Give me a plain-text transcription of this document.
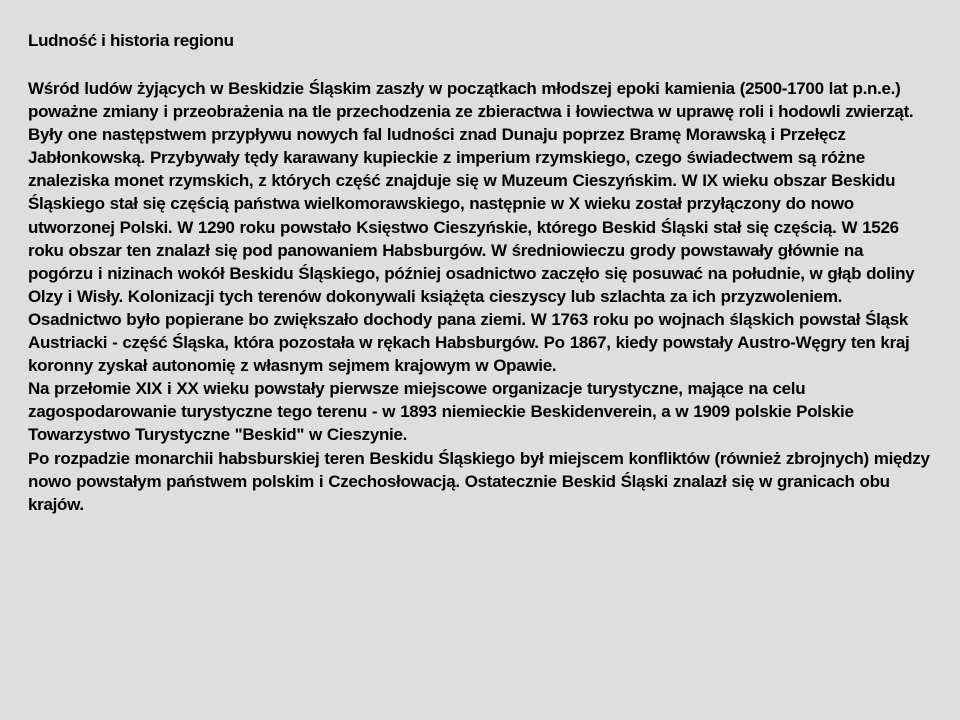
Ludność i historia regionu

Wśród ludów żyjących w Beskidzie Śląskim zaszły w początkach młodszej epoki kamienia (2500-1700 lat p.n.e.) poważne zmiany i przeobrażenia na tle przechodzenia ze zbieractwa i łowiectwa w uprawę roli i hodowli zwierząt. Były one następstwem przypływu nowych fal ludności znad Dunaju poprzez Bramę Morawską i Przełęcz Jabłonkowską. Przybywały tędy karawany kupieckie z imperium rzymskiego, czego świadectwem są różne znaleziska monet rzymskich, z których część znajduje się w Muzeum Cieszyńskim. W IX wieku obszar Beskidu Śląskiego stał się częścią państwa wielkomorawskiego, następnie w X wieku został przyłączony do nowo utworzonej Polski. W 1290 roku powstało Księstwo Cieszyńskie, którego Beskid Śląski stał się częścią. W 1526 roku obszar ten znalazł się pod panowaniem Habsburgów. W średniowieczu grody powstawały głównie na pogórzu i nizinach wokół Beskidu Śląskiego, później osadnictwo zaczęło się posuwać na południe, w głąb doliny Olzy i Wisły. Kolonizacji tych terenów dokonywali książęta cieszyscy lub szlachta za ich przyzwoleniem. Osadnictwo było popierane bo zwiększało dochody pana ziemi. W 1763 roku po wojnach śląskich powstał Śląsk Austriacki - część Śląska, która pozostała w rękach Habsburgów. Po 1867, kiedy powstały Austro-Węgry ten kraj koronny zyskał autonomię z własnym sejmem krajowym w Opawie.

Na przełomie XIX i XX wieku powstały pierwsze miejscowe organizacje turystyczne, mające na celu zagospodarowanie turystyczne tego terenu - w 1893 niemieckie Beskidenverein, a w 1909 polskie Polskie Towarzystwo Turystyczne "Beskid" w Cieszynie.

Po rozpadzie monarchii habsburskiej teren Beskidu Śląskiego był miejscem konfliktów (również zbrojnych) między nowo powstałym państwem polskim i Czechosłowacją. Ostatecznie Beskid Śląski znalazł się w granicach obu krajów.
